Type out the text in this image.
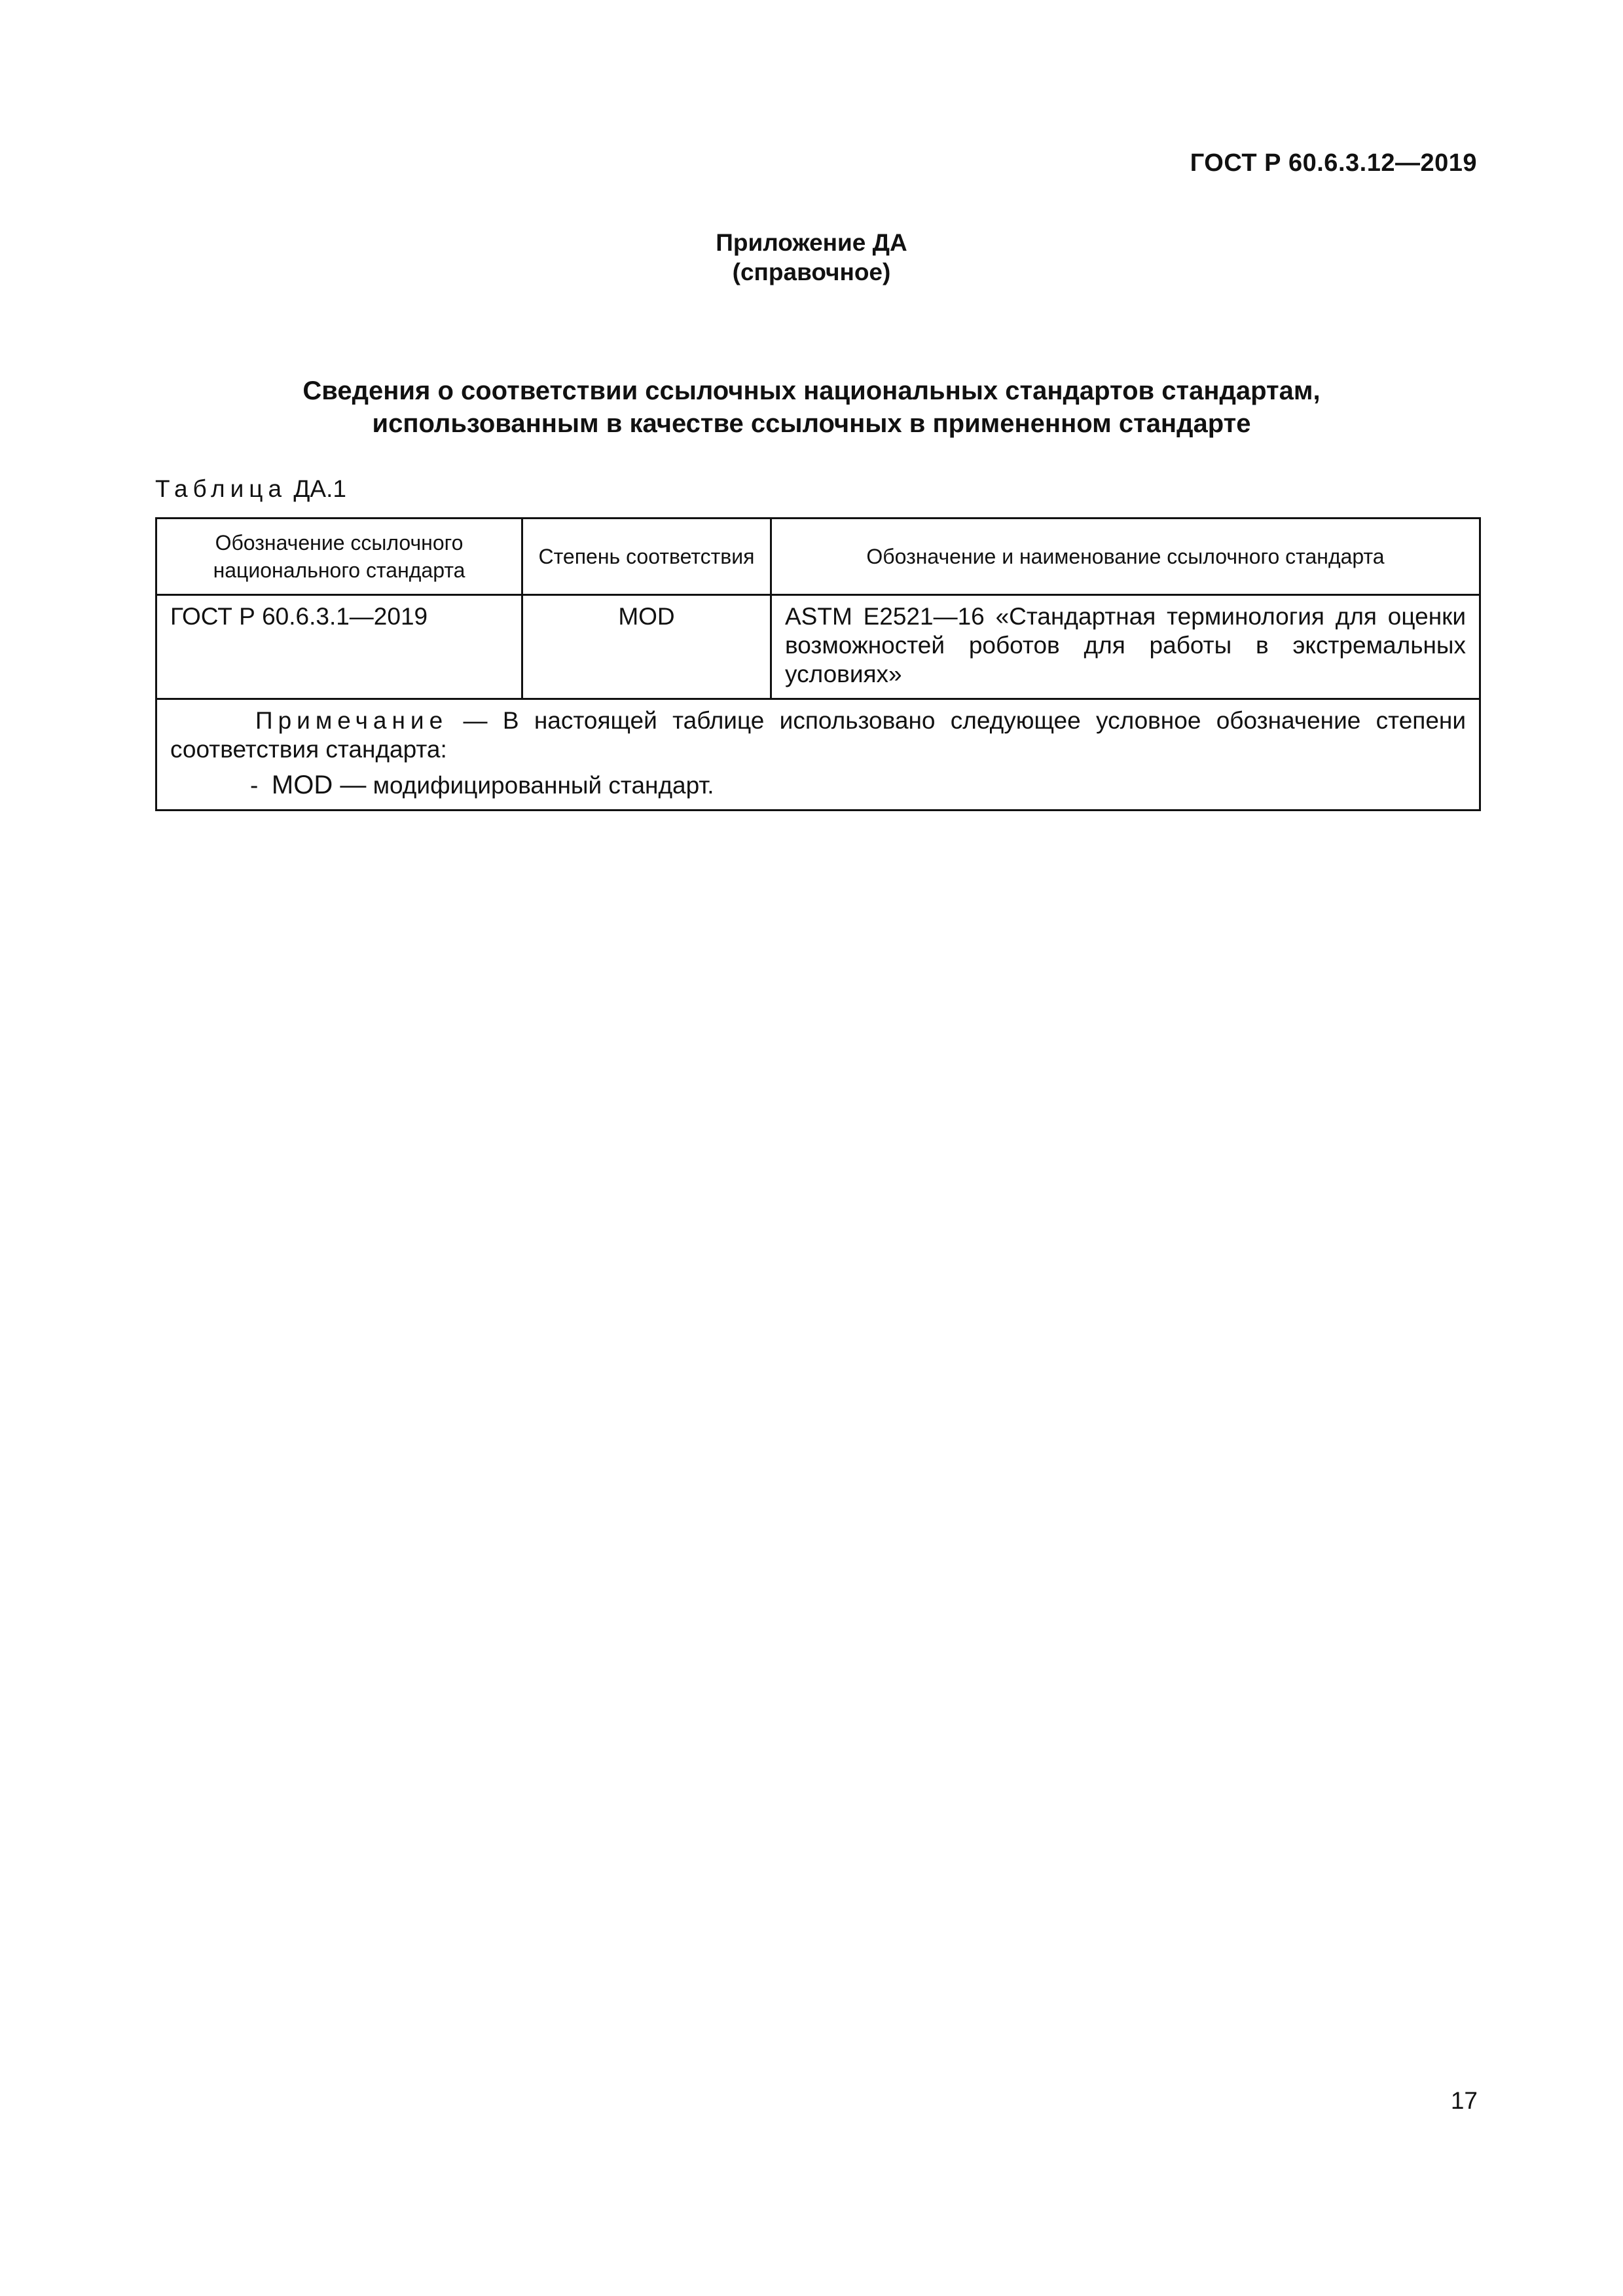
ГОСТ Р 60.6.3.12—2019
Приложение ДА
(справочное)
Сведения о соответствии ссылочных национальных стандартов стандартам,
использованным в качестве ссылочных в примененном стандарте
Таблица ДА.1
Обозначение ссылочного национального стандарта	Степень соответствия	Обозначение и наименование ссылочного стандарта
ГОСТ Р 60.6.3.1—2019	MOD	ASTM E2521—16 «Стандартная терминология для оценки возможностей роботов для работы в экстремальных условиях»

Примечание — В настоящей таблице использовано следующее условное обозначение степени соответствия стандарта:

- MOD — модифицированный стандарт.		
17
